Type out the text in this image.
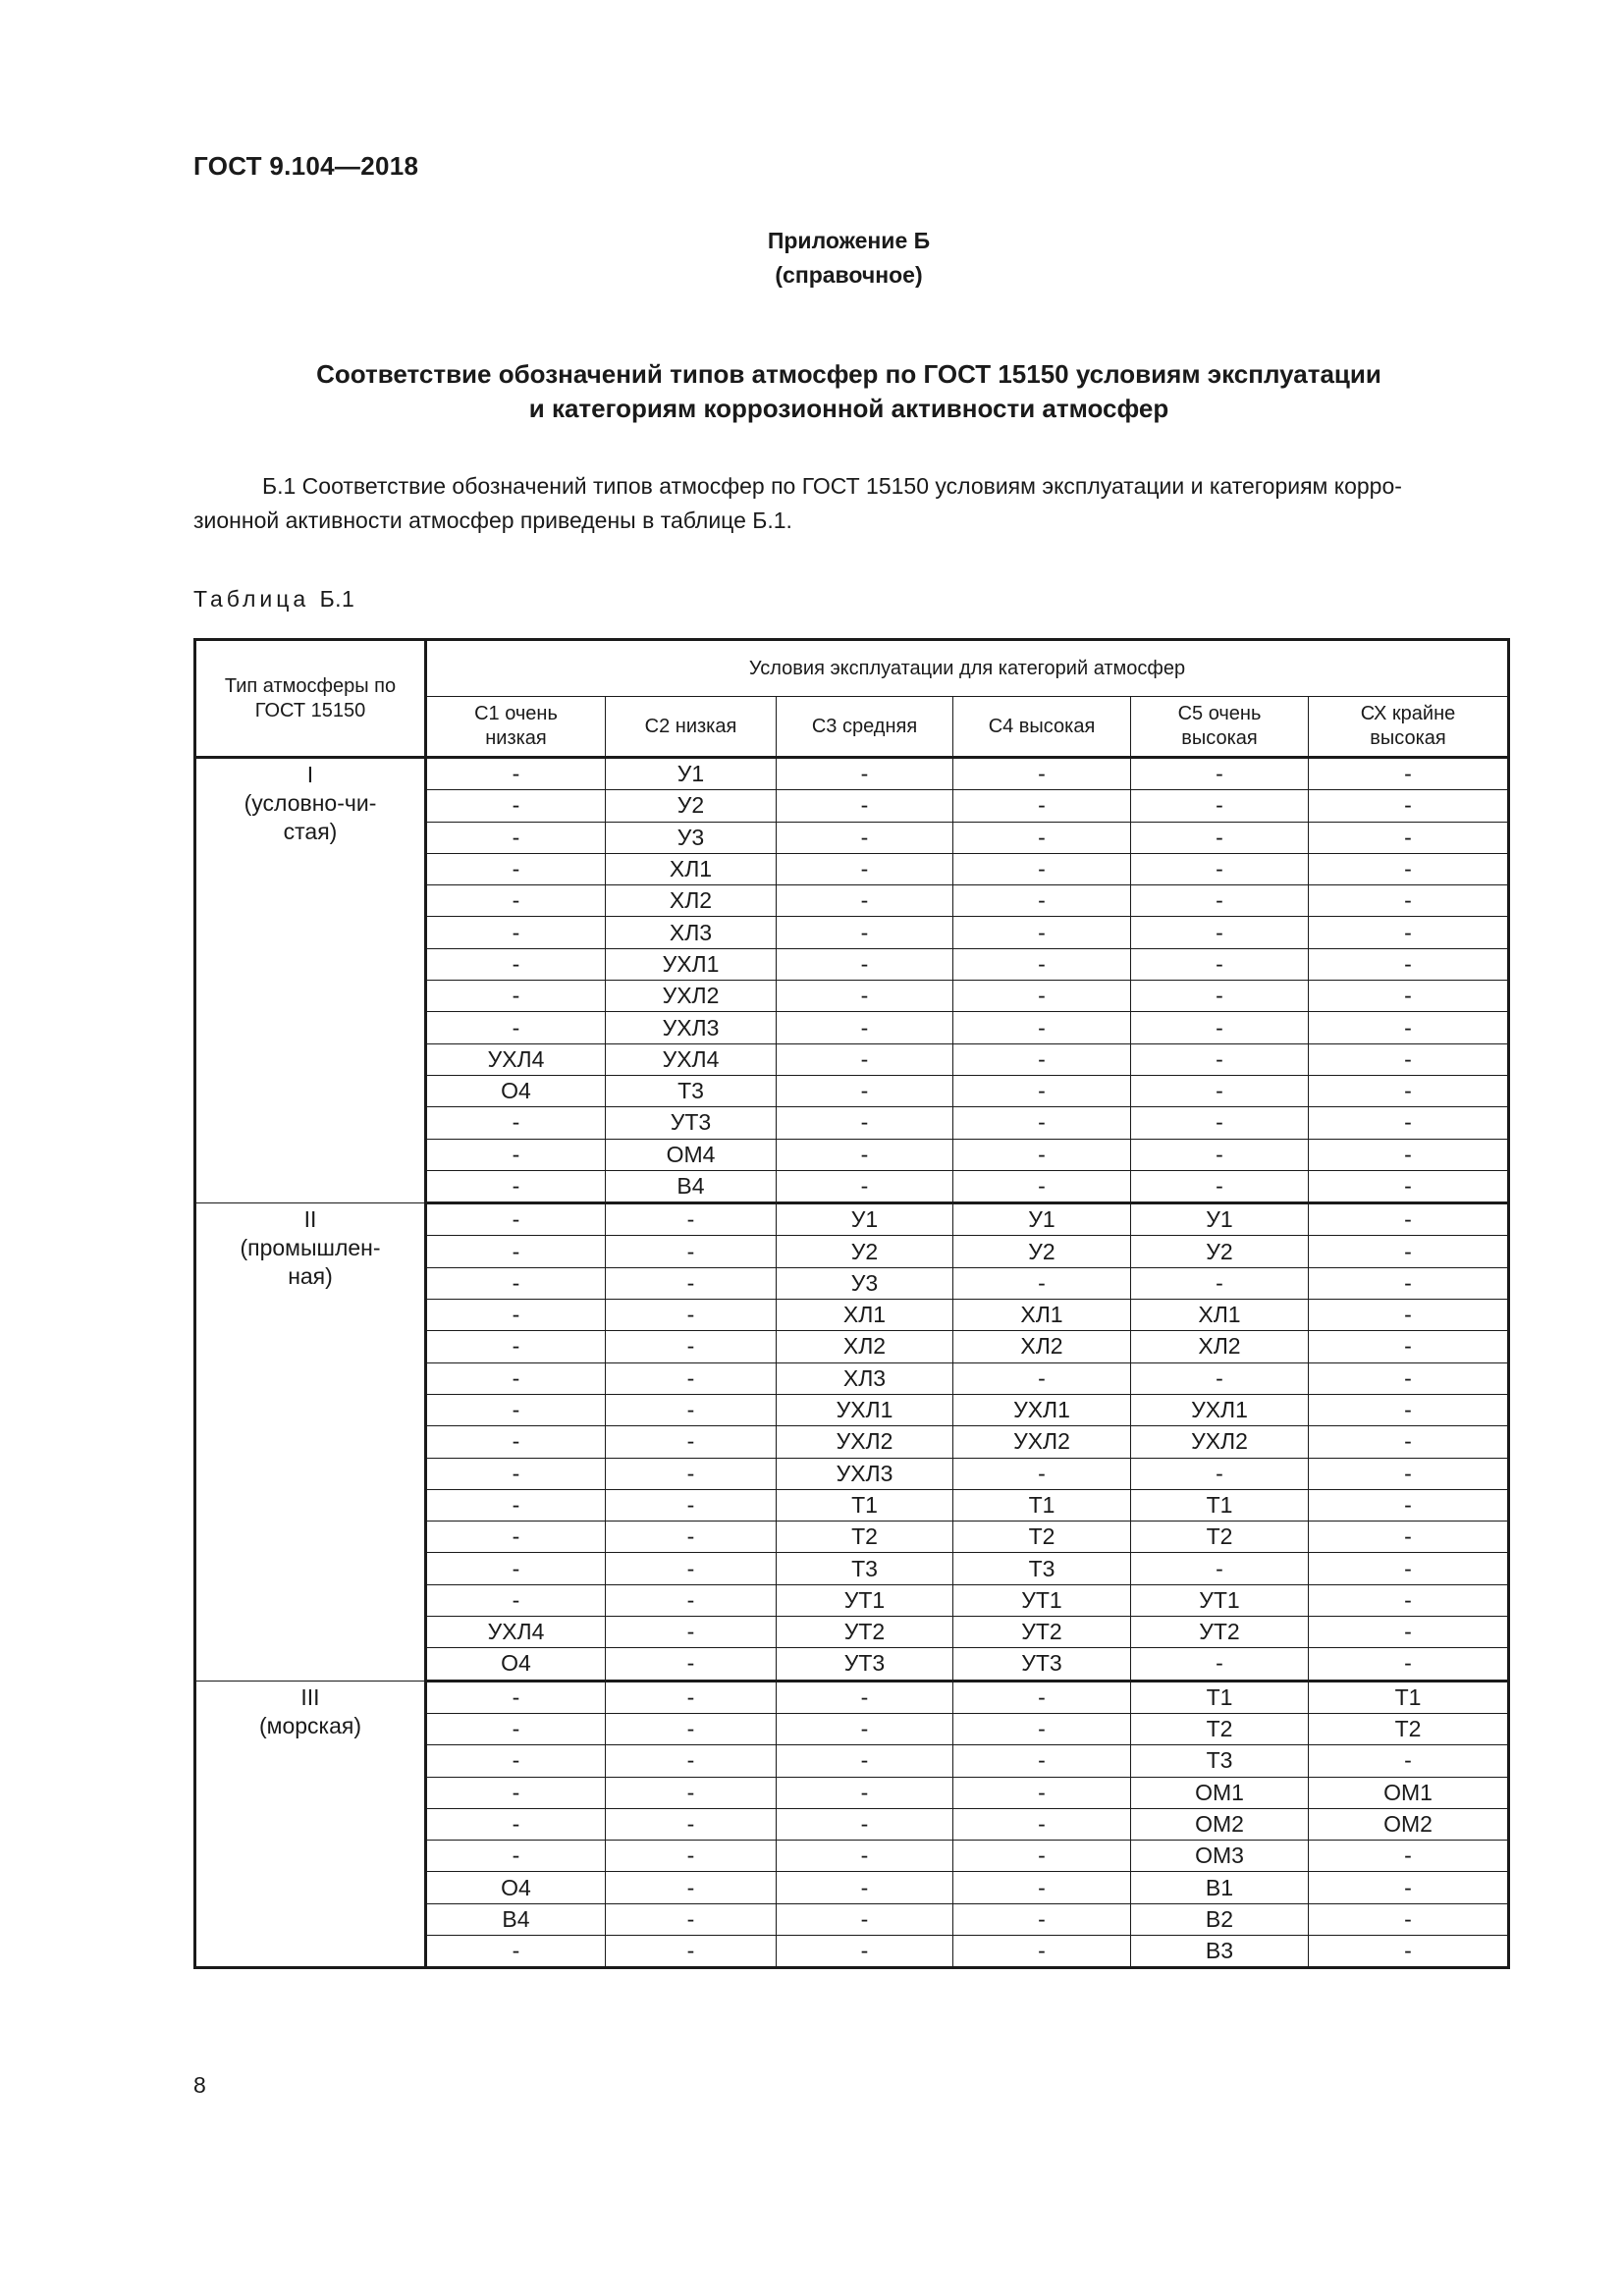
ГОСТ 9.104—2018
Приложение Б
(справочное)
Соответствие обозначений типов атмосфер по ГОСТ 15150 условиям эксплуатации
и категориям коррозионной активности атмосфер
Б.1 Соответствие обозначений типов атмосфер по ГОСТ 15150 условиям эксплуатации и категориям корро-
зионной активности атмосфер приведены в таблице Б.1.
Таблица Б.1
Тип атмосферы по ГОСТ 15150	Условия эксплуатации для категорий атмосфер					
	С1 очень низкая	С2 низкая	С3 средняя	С4 высокая	С5 очень высокая	СХ крайне высокая

I
(условно-чи-
стая)	-	У1	-	-	-	-
	-	У2	-	-	-	-
	-	У3	-	-	-	-
	-	ХЛ1	-	-	-	-
	-	ХЛ2	-	-	-	-
	-	ХЛ3	-	-	-	-
	-	УХЛ1	-	-	-	-
	-	УХЛ2	-	-	-	-
	-	УХЛ3	-	-	-	-
	УХЛ4	УХЛ4	-	-	-	-
	О4	Т3	-	-	-	-
	-	УТ3	-	-	-	-
	-	ОМ4	-	-	-	-
	-	В4	-	-	-	-

II
(промышлен-
ная)	-	-	У1	У1	У1	-
	-	-	У2	У2	У2	-
	-	-	У3	-	-	-
	-	-	ХЛ1	ХЛ1	ХЛ1	-
	-	-	ХЛ2	ХЛ2	ХЛ2	-
	-	-	ХЛ3	-	-	-
	-	-	УХЛ1	УХЛ1	УХЛ1	-
	-	-	УХЛ2	УХЛ2	УХЛ2	-
	-	-	УХЛ3	-	-	-
	-	-	Т1	Т1	Т1	-
	-	-	Т2	Т2	Т2	-
	-	-	Т3	Т3	-	-
	-	-	УТ1	УТ1	УТ1	-
	УХЛ4	-	УТ2	УТ2	УТ2	-
	О4	-	УТ3	УТ3	-	-

III
(морская)	-	-	-	-	Т1	Т1
	-	-	-	-	Т2	Т2
	-	-	-	-	Т3	-
	-	-	-	-	ОМ1	ОМ1
	-	-	-	-	ОМ2	ОМ2
	-	-	-	-	ОМ3	-
	О4	-	-	-	В1	-
	В4	-	-	-	В2	-
	-	-	-	-	В3	-
8
